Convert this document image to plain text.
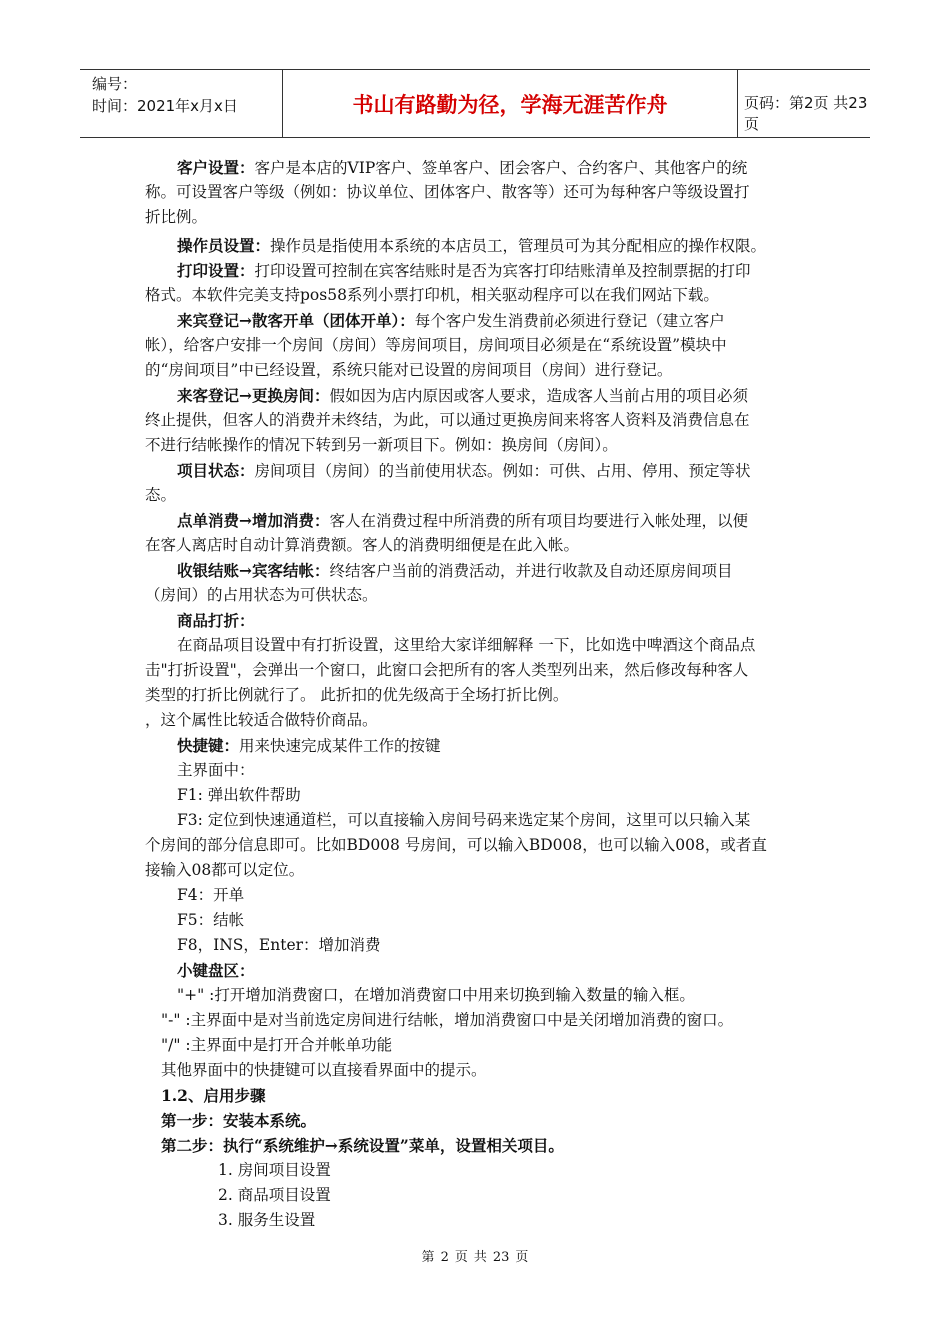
编号：
时间：2021年x月x日	书山有路勤为径，学海无涯苦作舟	页码：第2页 共23页
客户设置：客户是本店的VIP客户、签单客户、团会客户、合约客户、其他客户的统
称。可设置客户等级（例如：协议单位、团体客户、散客等）还可为每种客户等级设置打
折比例。
操作员设置：操作员是指使用本系统的本店员工，管理员可为其分配相应的操作权限。
打印设置：打印设置可控制在宾客结账时是否为宾客打印结账清单及控制票据的打印
格式。本软件完美支持pos58系列小票打印机，相关驱动程序可以在我们网站下载。
来宾登记→散客开单（团体开单）：每个客户发生消费前必须进行登记（建立客户
帐），给客户安排一个房间（房间）等房间项目，房间项目必须是在“系统设置”模块中
的“房间项目”中已经设置，系统只能对已设置的房间项目（房间）进行登记。
来客登记→更换房间：假如因为店内原因或客人要求，造成客人当前占用的项目必须
终止提供，但客人的消费并未终结，为此，可以通过更换房间来将客人资料及消费信息在
不进行结帐操作的情况下转到另一新项目下。例如：换房间（房间）。
项目状态：房间项目（房间）的当前使用状态。例如：可供、占用、停用、预定等状
态。
点单消费→增加消费：客人在消费过程中所消费的所有项目均要进行入帐处理，以便
在客人离店时自动计算消费额。客人的消费明细便是在此入帐。
收银结账→宾客结帐：终结客户当前的消费活动，并进行收款及自动还原房间项目
（房间）的占用状态为可供状态。
商品打折：
在商品项目设置中有打折设置，这里给大家详细解释 一下，比如选中啤酒这个商品点
击"打折设置"，会弹出一个窗口，此窗口会把所有的客人类型列出来，然后修改每种客人
类型的打折比例就行了。 此折扣的优先级高于全场打折比例。
，这个属性比较适合做特价商品。
快捷键：用来快速完成某件工作的按键
主界面中：
F1: 弹出软件帮助
F3: 定位到快速通道栏，可以直接输入房间号码来选定某个房间，这里可以只输入某
个房间的部分信息即可。比如BD008 号房间，可以输入BD008，也可以输入008，或者直
接输入08都可以定位。
F4：开单
F5：结帐
F8，INS，Enter：增加消费
小键盘区：
"+" :打开增加消费窗口，在增加消费窗口中用来切换到输入数量的输入框。
"-" :主界面中是对当前选定房间进行结帐，增加消费窗口中是关闭增加消费的窗口。
"/" :主界面中是打开合并帐单功能
其他界面中的快捷键可以直接看界面中的提示。
1.2、启用步骤
第一步：安装本系统。
第二步：执行“系统维护→系统设置”菜单，设置相关项目。
1. 房间项目设置
2. 商品项目设置
3. 服务生设置
第 2 页 共 23 页
